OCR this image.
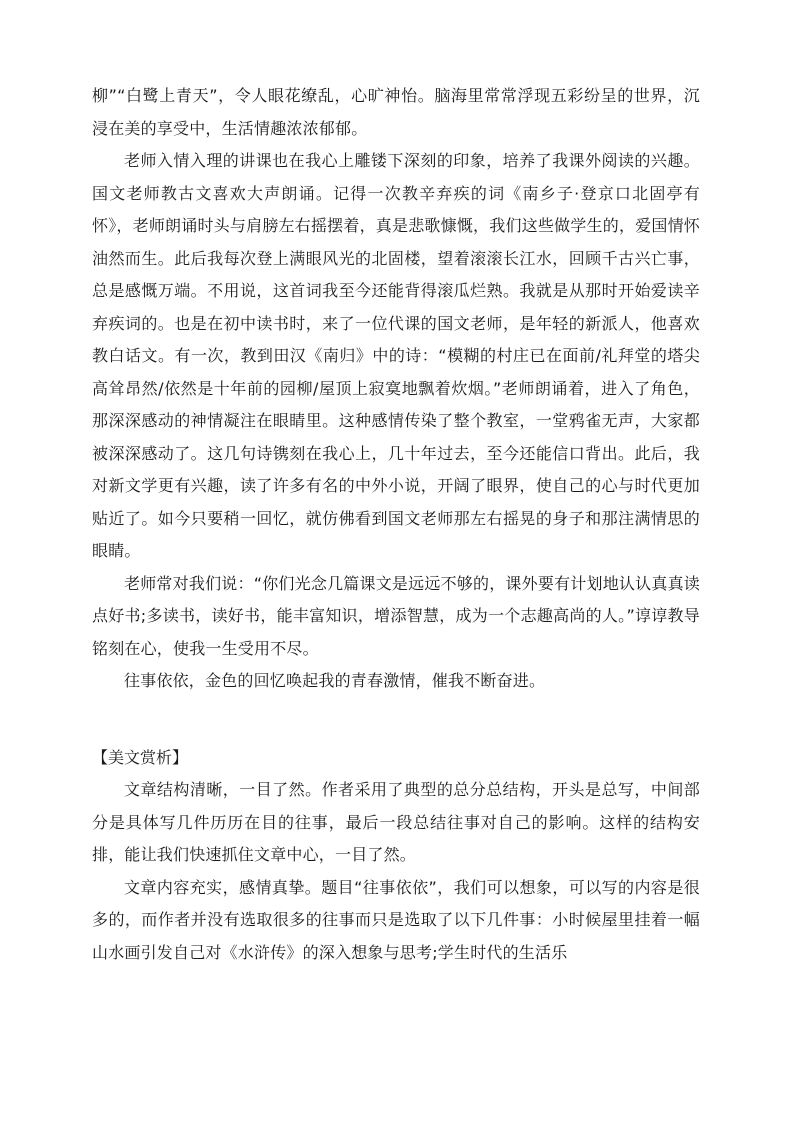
柳”“白鹭上青天”，令人眼花缭乱，心旷神怡。脑海里常常浮现五彩纷呈的世界，沉浸在美的享受中，生活情趣浓浓郁郁。

老师入情入理的讲课也在我心上雕镂下深刻的印象，培养了我课外阅读的兴趣。国文老师教古文喜欢大声朗诵。记得一次教辛弃疾的词《南乡子·登京口北固亭有怀》，老师朗诵时头与肩膀左右摇摆着，真是悲歌慷慨，我们这些做学生的，爱国情怀油然而生。此后我每次登上满眼风光的北固楼，望着滚滚长江水，回顾千古兴亡事，总是感慨万端。不用说，这首词我至今还能背得滚瓜烂熟。我就是从那时开始爱读辛弃疾词的。也是在初中读书时，来了一位代课的国文老师，是年轻的新派人，他喜欢教白话文。有一次，教到田汉《南归》中的诗：“模糊的村庄已在面前/礼拜堂的塔尖高耸昂然/依然是十年前的园柳/屋顶上寂寞地飘着炊烟。”老师朗诵着，进入了角色，那深深感动的神情凝注在眼睛里。这种感情传染了整个教室，一堂鸦雀无声，大家都被深深感动了。这几句诗镌刻在我心上，几十年过去，至今还能信口背出。此后，我对新文学更有兴趣，读了许多有名的中外小说，开阔了眼界，使自己的心与时代更加贴近了。如今只要稍一回忆，就仿佛看到国文老师那左右摇晃的身子和那注满情思的眼睛。

老师常对我们说：“你们光念几篇课文是远远不够的，课外要有计划地认认真真读点好书;多读书，读好书，能丰富知识，增添智慧，成为一个志趣高尚的人。”谆谆教导铭刻在心，使我一生受用不尽。

往事依依，金色的回忆唤起我的青春激情，催我不断奋进。

【美文赏析】

文章结构清晰，一目了然。作者采用了典型的总分总结构，开头是总写，中间部分是具体写几件历历在目的往事，最后一段总结往事对自己的影响。这样的结构安排，能让我们快速抓住文章中心，一目了然。

文章内容充实，感情真挚。题目“往事依依”，我们可以想象，可以写的内容是很多的，而作者并没有选取很多的往事而只是选取了以下几件事：小时候屋里挂着一幅山水画引发自己对《水浒传》的深入想象与思考;学生时代的生活乐
